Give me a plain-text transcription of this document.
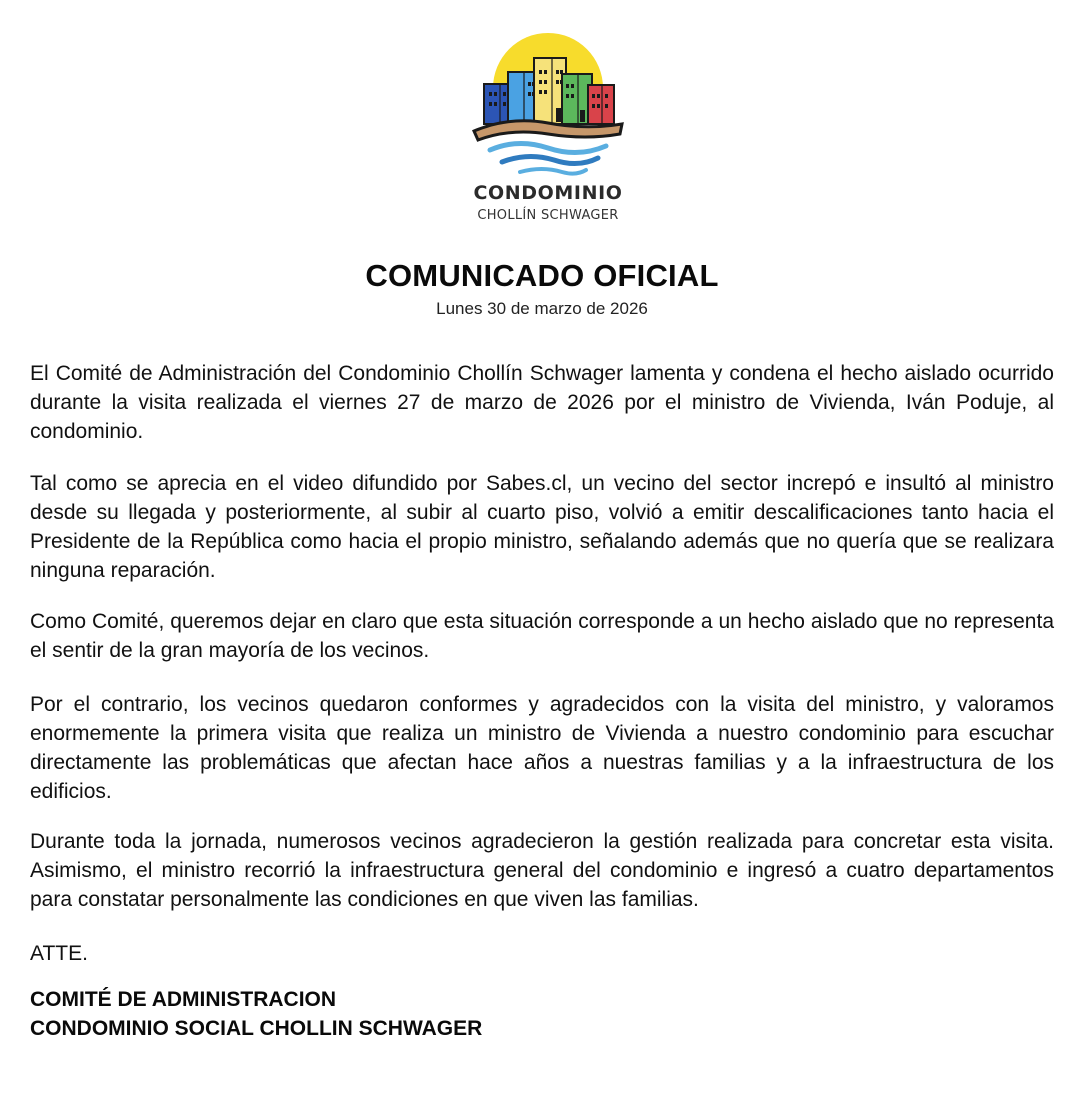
CONDOMINIO
CHOLLÍN SCHWAGER
COMUNICADO OFICIAL
Lunes 30 de marzo de 2026
El Comité de Administración del Condominio Chollín Schwager lamenta y condena el hecho aislado ocurrido durante la visita realizada el viernes 27 de marzo de 2026 por el ministro de Vivienda, Iván Poduje, al condominio.
Tal como se aprecia en el video difundido por Sabes.cl, un vecino del sector increpó e insultó al ministro desde su llegada y posteriormente, al subir al cuarto piso, volvió a emitir descalificaciones tanto hacia el Presidente de la República como hacia el propio ministro, señalando además que no quería que se realizara ninguna reparación.
Como Comité, queremos dejar en claro que esta situación corresponde a un hecho aislado que no representa el sentir de la gran mayoría de los vecinos.
Por el contrario, los vecinos quedaron conformes y agradecidos con la visita del ministro, y valoramos enormemente la primera visita que realiza un ministro de Vivienda a nuestro condominio para escuchar directamente las problemáticas que afectan hace años a nuestras familias y a la infraestructura de los edificios.
Durante toda la jornada, numerosos vecinos agradecieron la gestión realizada para concretar esta visita. Asimismo, el ministro recorrió la infraestructura general del condominio e ingresó a cuatro departamentos para constatar personalmente las condiciones en que viven las familias.
ATTE.
COMITÉ DE ADMINISTRACION
CONDOMINIO SOCIAL CHOLLIN SCHWAGER
